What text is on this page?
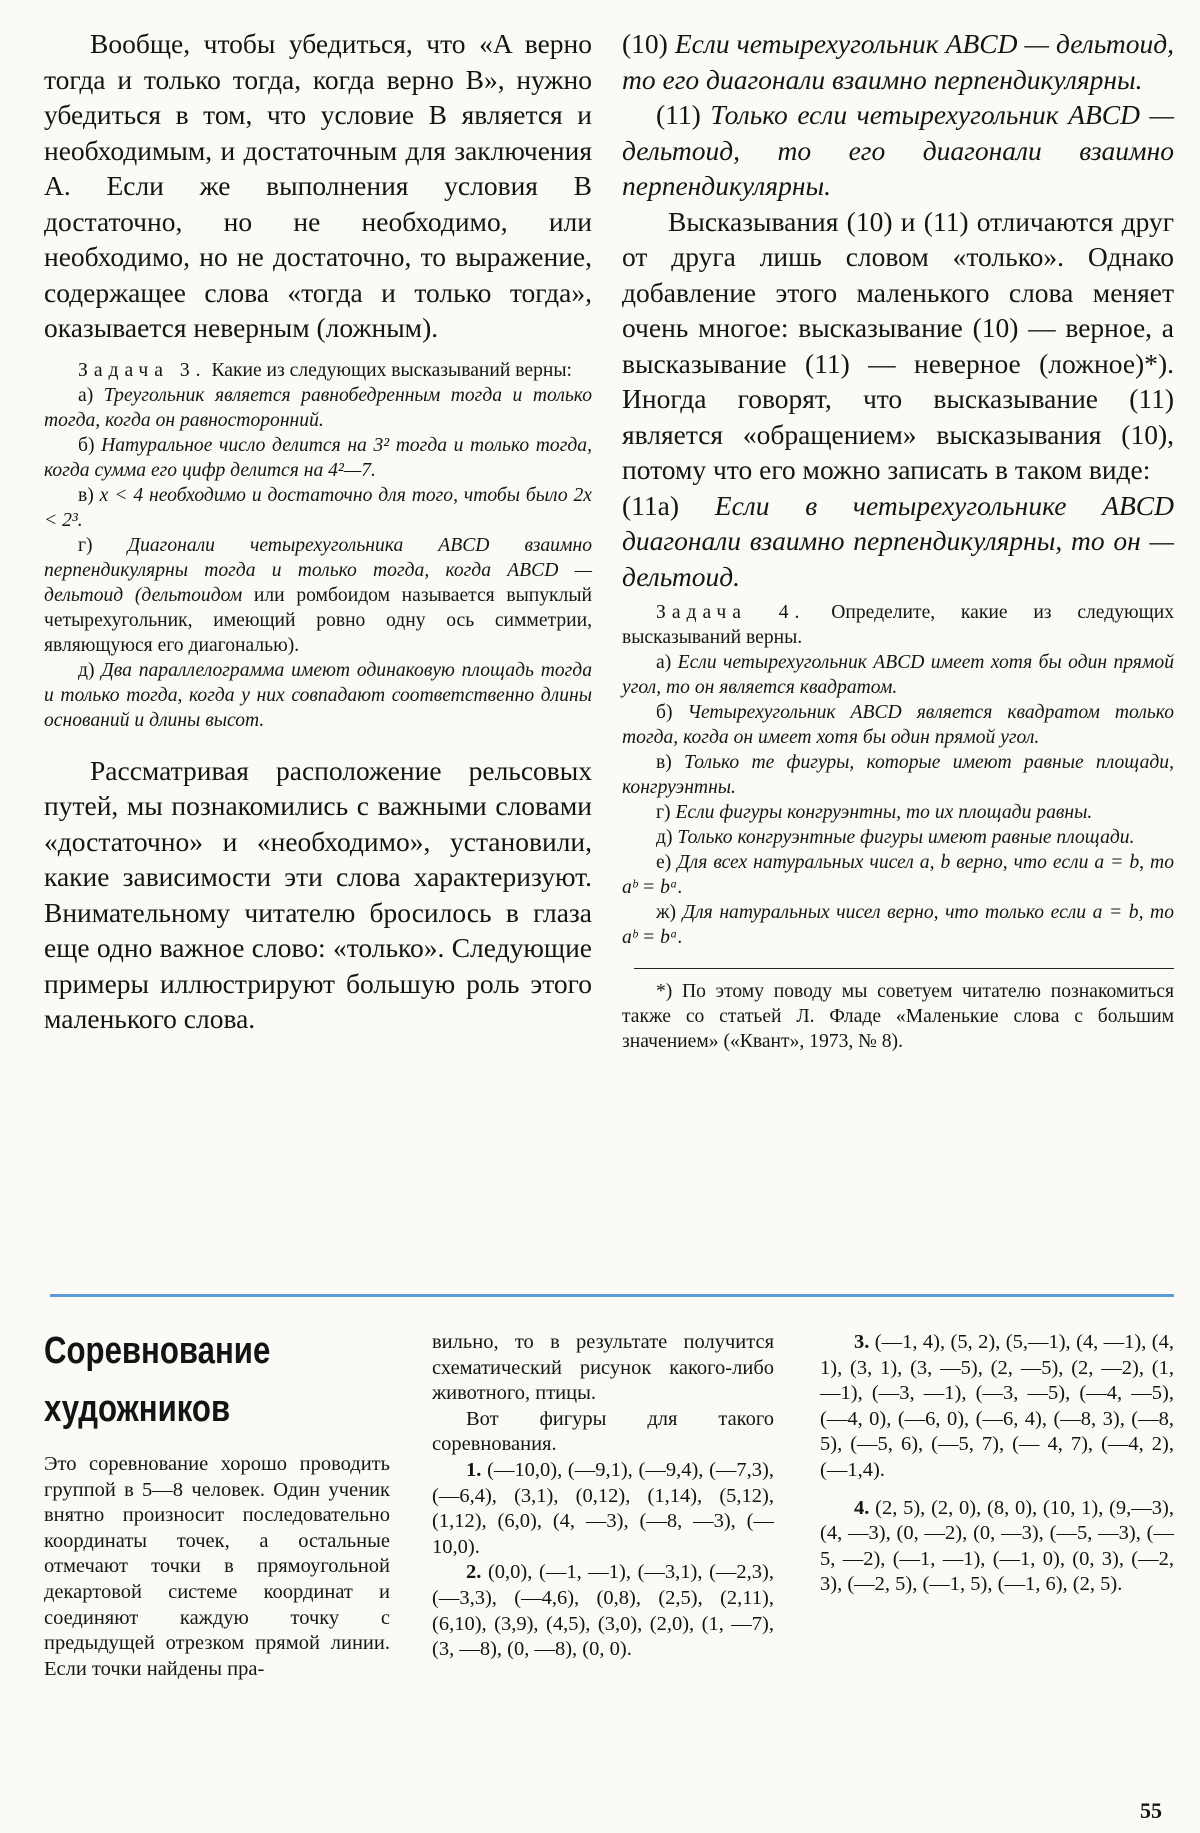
Вообще, чтобы убедиться, что «A верно тогда и только тогда, когда верно B», нужно убедиться в том, что условие B является и необходимым, и достаточным для заключения A. Если же выполнения условия B достаточно, но не необходимо, или необходимо, но не достаточно, то выражение, содержащее слова «тогда и только тогда», оказывается неверным (ложным).

Задача 3. Какие из следующих высказываний верны:

а) Треугольник является равнобедренным тогда и только тогда, когда он равносторонний.

б) Натуральное число делится на 3² тогда и только тогда, когда сумма его цифр делится на 4²—7.

в) x < 4 необходимо и достаточно для того, чтобы было 2x < 2³.

г) Диагонали четырехугольника ABCD взаимно перпендикулярны тогда и только тогда, когда ABCD — дельтоид (дельтоидом или ромбоидом называется выпуклый четырехугольник, имеющий ровно одну ось симметрии, являющуюся его диагональю).

д) Два параллелограмма имеют одинаковую площадь тогда и только тогда, когда у них совпадают соответственно длины оснований и длины высот.

Рассматривая расположение рельсовых путей, мы познакомились с важными словами «достаточно» и «необходимо», установили, какие зависимости эти слова характеризуют. Внимательному читателю бросилось в глаза еще одно важное слово: «только». Следующие примеры иллюстрируют большую роль этого маленького слова.

(10) Если четырехугольник ABCD — дельтоид, то его диагонали взаимно перпендикулярны.

(11) Только если четырехугольник ABCD — дельтоид, то его диагонали взаимно перпендикулярны.

Высказывания (10) и (11) отличаются друг от друга лишь словом «только». Однако добавление этого маленького слова меняет очень многое: высказывание (10) — верное, а высказывание (11) — неверное (ложное)*). Иногда говорят, что высказывание (11) является «обращением» высказывания (10), потому что его можно записать в таком виде:

(11a) Если в четырехугольнике ABCD диагонали взаимно перпендикулярны, то он — дельтоид.

Задача 4. Определите, какие из следующих высказываний верны.

а) Если четырехугольник ABCD имеет хотя бы один прямой угол, то он является квадратом.

б) Четырехугольник ABCD является квадратом только тогда, когда он имеет хотя бы один прямой угол.

в) Только те фигуры, которые имеют равные площади, конгруэнтны.

г) Если фигуры конгруэнтны, то их площади равны.

д) Только конгруэнтные фигуры имеют равные площади.

е) Для всех натуральных чисел a, b верно, что если a = b, то aᵇ = bᵃ.

ж) Для натуральных чисел верно, что только если a = b, то aᵇ = bᵃ.

*) По этому поводу мы советуем читателю познакомиться также со статьей Л. Фладе «Маленькие слова с большим значением» («Квант», 1973, № 8).

Соревнование
художников

Это соревнование хорошо проводить группой в 5—8 человек. Один ученик внятно произносит последовательно координаты точек, а остальные отмечают точки в прямоугольной декартовой системе координат и соединяют каждую точку с предыдущей отрезком прямой линии. Если точки найдены пра-

вильно, то в результате получится схематический рисунок какого-либо животного, птицы.

Вот фигуры для такого соревнования.

1. (—10,0), (—9,1), (—9,4), (—7,3), (—6,4), (3,1), (0,12), (1,14), (5,12), (1,12), (6,0), (4, —3), (—8, —3), (—10,0).

2. (0,0), (—1, —1), (—3,1), (—2,3), (—3,3), (—4,6), (0,8), (2,5), (2,11), (6,10), (3,9), (4,5), (3,0), (2,0), (1, —7), (3, —8), (0, —8), (0, 0).

3. (—1, 4), (5, 2), (5,—1), (4, —1), (4, 1), (3, 1), (3, —5), (2, —5), (2, —2), (1, —1), (—3, —1), (—3, —5), (—4, —5), (—4, 0), (—6, 0), (—6, 4), (—8, 3), (—8, 5), (—5, 6), (—5, 7), (— 4, 7), (—4, 2), (—1,4).

4. (2, 5), (2, 0), (8, 0), (10, 1), (9,—3), (4, —3), (0, —2), (0, —3), (—5, —3), (—5, —2), (—1, —1), (—1, 0), (0, 3), (—2, 3), (—2, 5), (—1, 5), (—1, 6), (2, 5).

55
